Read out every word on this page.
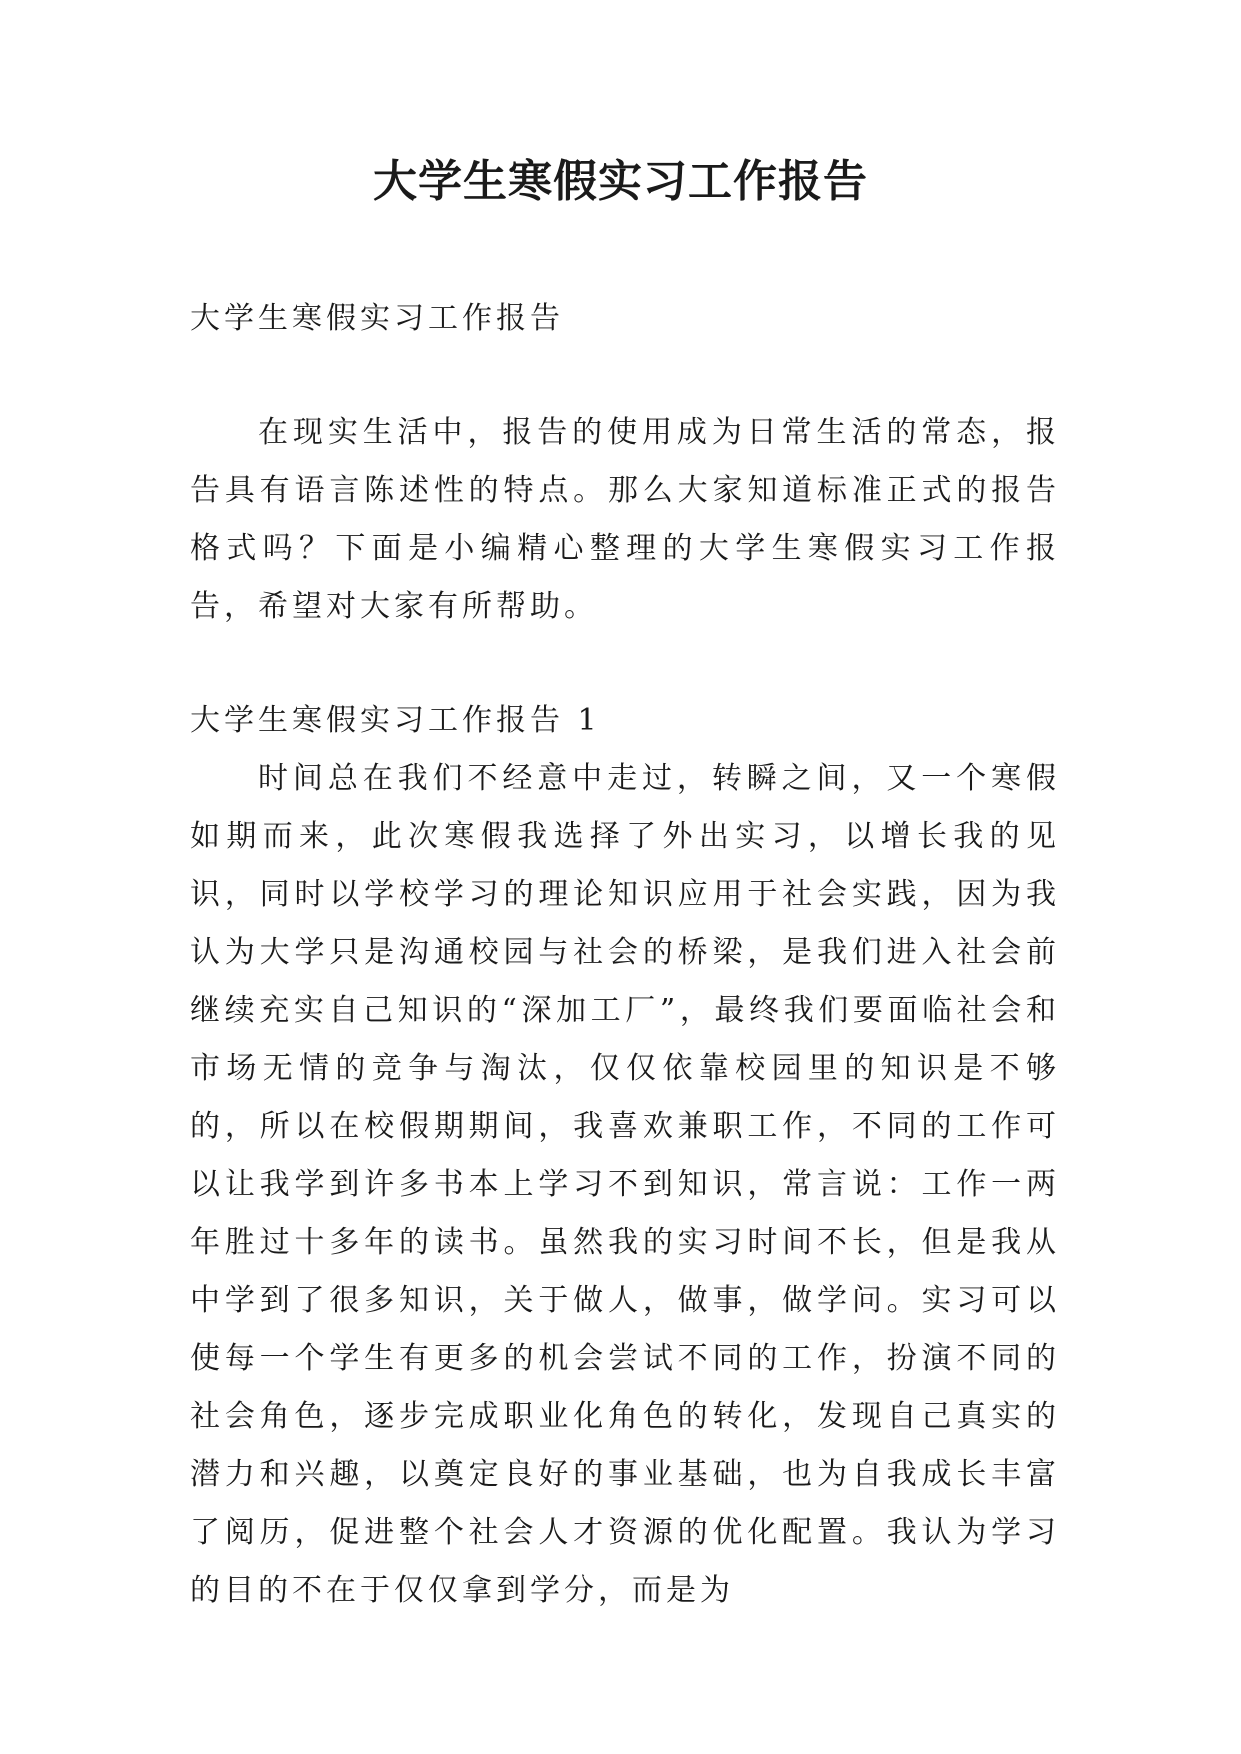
大学生寒假实习工作报告

大学生寒假实习工作报告

在现实生活中，报告的使用成为日常生活的常态，报告具有语言陈述性的特点。那么大家知道标准正式的报告格式吗？下面是小编精心整理的大学生寒假实习工作报告，希望对大家有所帮助。

大学生寒假实习工作报告 1

时间总在我们不经意中走过，转瞬之间，又一个寒假如期而来，此次寒假我选择了外出实习，以增长我的见识，同时以学校学习的理论知识应用于社会实践，因为我认为大学只是沟通校园与社会的桥梁，是我们进入社会前继续充实自己知识的“深加工厂”，最终我们要面临社会和市场无情的竞争与淘汰，仅仅依靠校园里的知识是不够的，所以在校假期期间，我喜欢兼职工作，不同的工作可以让我学到许多书本上学习不到知识，常言说：工作一两年胜过十多年的读书。虽然我的实习时间不长，但是我从中学到了很多知识，关于做人，做事，做学问。实习可以使每一个学生有更多的机会尝试不同的工作，扮演不同的社会角色，逐步完成职业化角色的转化，发现自己真实的潜力和兴趣，以奠定良好的事业基础，也为自我成长丰富了阅历，促进整个社会人才资源的优化配置。我认为学习的目的不在于仅仅拿到学分，而是为
